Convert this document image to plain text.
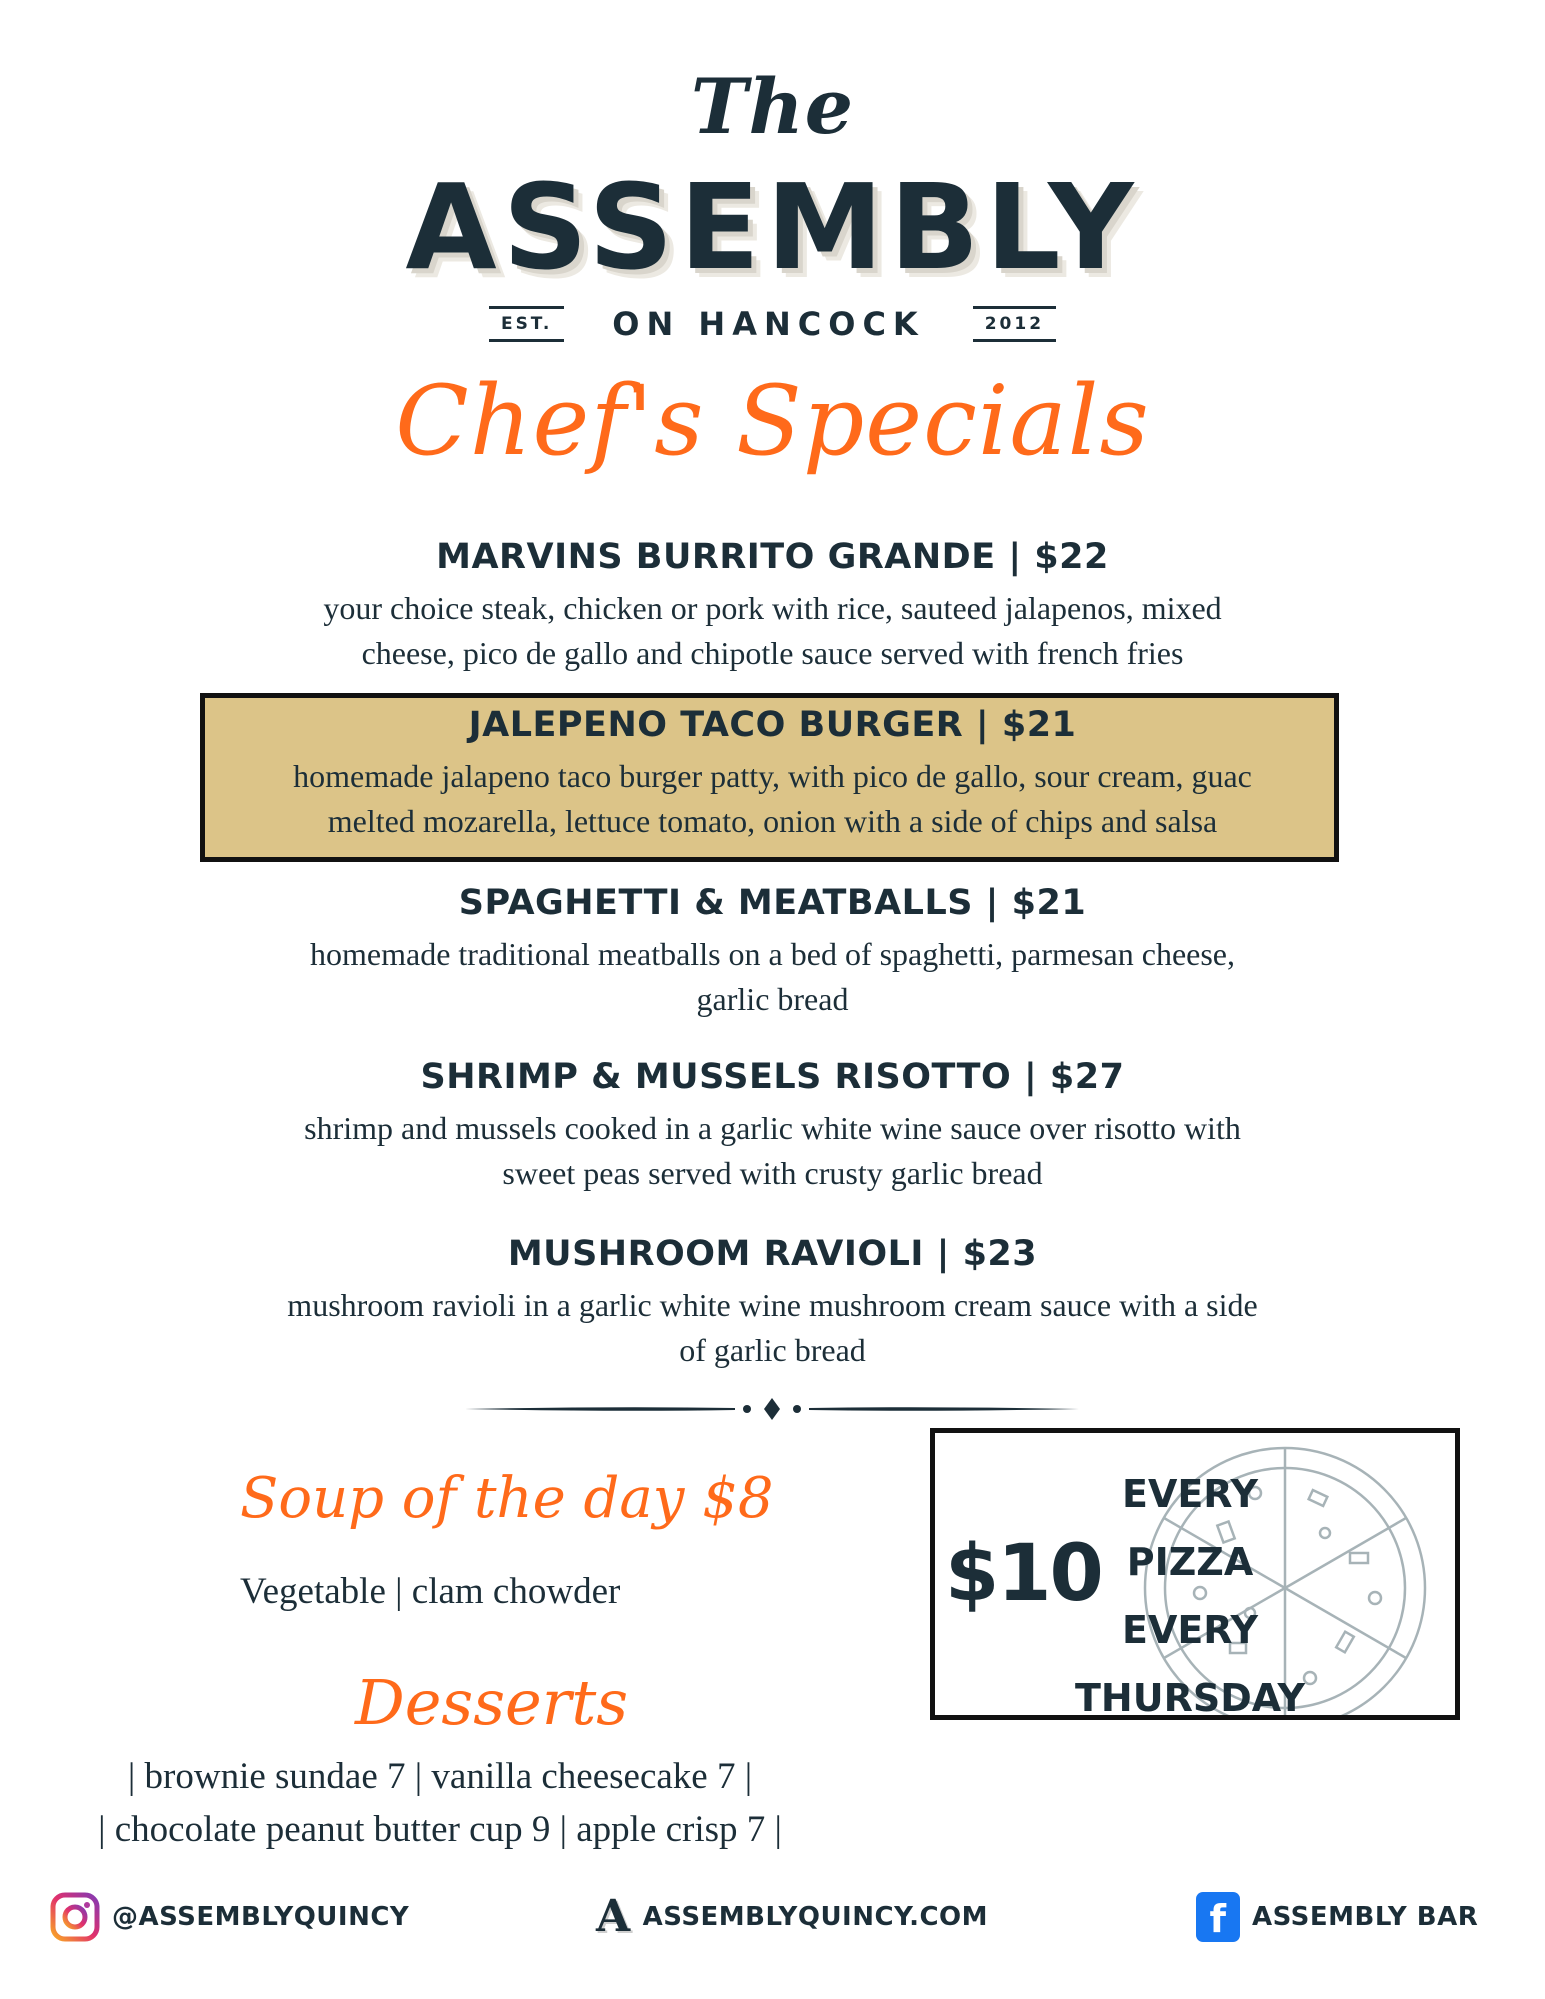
The
ASSEMBLY
EST.	ON HANCOCK	2012
Chef's Specials
MARVINS BURRITO GRANDE | $22
your choice steak, chicken or pork with rice, sauteed jalapenos, mixed
cheese, pico de gallo and chipotle sauce served with french fries
JALEPENO TACO BURGER | $21
homemade jalapeno taco burger patty, with pico de gallo, sour cream, guac
melted mozarella, lettuce tomato, onion with a side of chips and salsa
SPAGHETTI & MEATBALLS | $21
homemade traditional meatballs on a bed of spaghetti, parmesan cheese,
garlic bread
SHRIMP & MUSSELS RISOTTO | $27
shrimp and mussels cooked in a garlic white wine sauce over risotto with
sweet peas served with crusty garlic bread
MUSHROOM RAVIOLI | $23
mushroom ravioli in a garlic white wine mushroom cream sauce with a side
of garlic bread
Soup of the day $8
Vegetable | clam chowder
Desserts
| brownie sundae 7 | vanilla cheesecake 7 |
| chocolate peanut butter cup 9 | apple crisp 7 |
$10
EVERY
PIZZA
EVERY
THURSDAY
@ASSEMBLYQUINCY	A ASSEMBLYQUINCY.COM	f ASSEMBLY BAR
